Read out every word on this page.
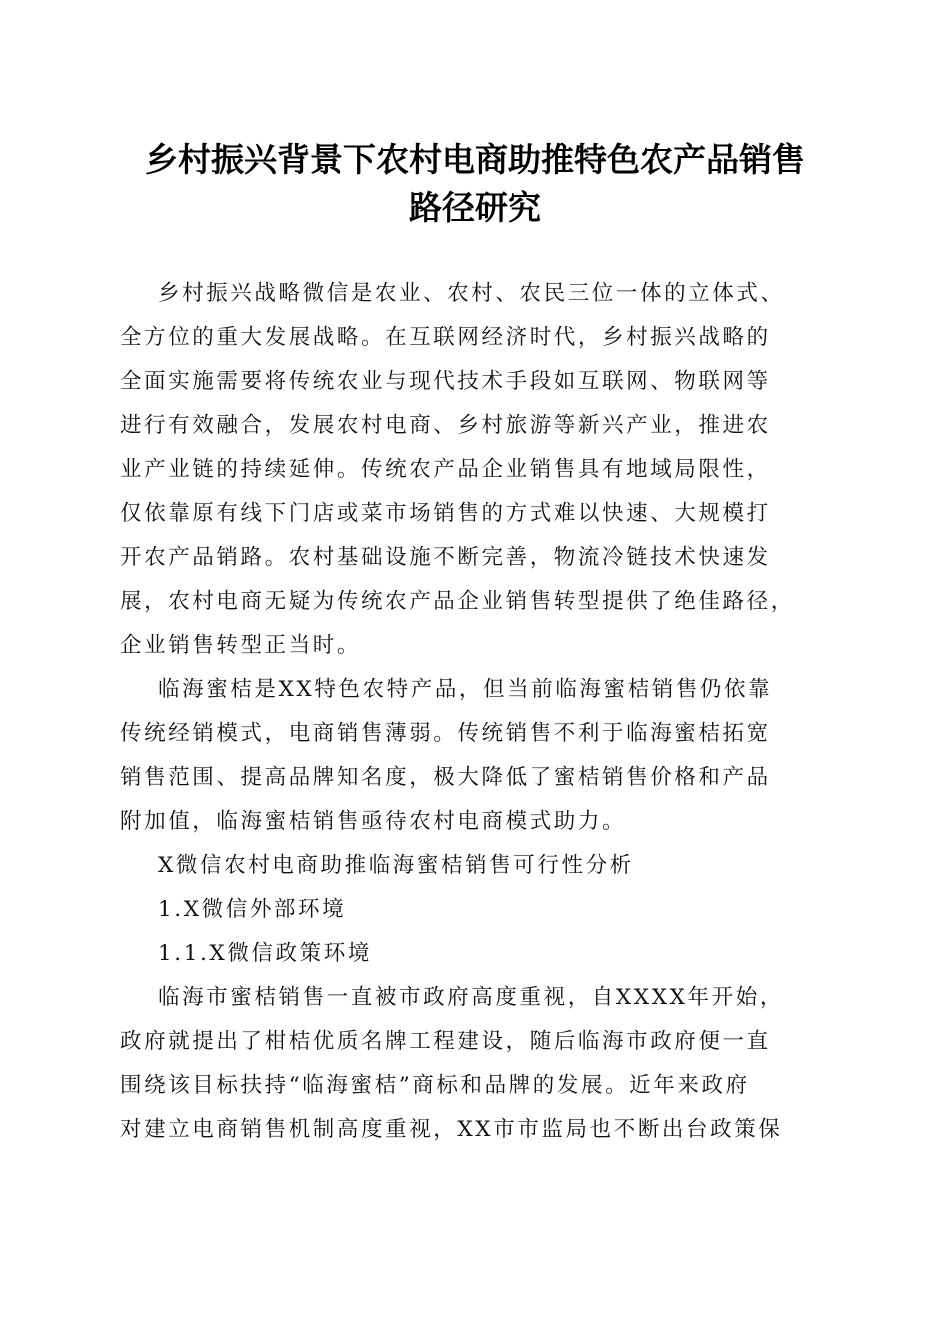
乡村振兴背景下农村电商助推特色农产品销售
路径研究
乡村振兴战略微信是农业、农村、农民三位一体的立体式、
全方位的重大发展战略。在互联网经济时代，乡村振兴战略的
全面实施需要将传统农业与现代技术手段如互联网、物联网等
进行有效融合，发展农村电商、乡村旅游等新兴产业，推进农
业产业链的持续延伸。传统农产品企业销售具有地域局限性，
仅依靠原有线下门店或菜市场销售的方式难以快速、大规模打
开农产品销路。农村基础设施不断完善，物流冷链技术快速发
展，农村电商无疑为传统农产品企业销售转型提供了绝佳路径，
企业销售转型正当时。
临海蜜桔是XX特色农特产品，但当前临海蜜桔销售仍依靠
传统经销模式，电商销售薄弱。传统销售不利于临海蜜桔拓宽
销售范围、提高品牌知名度，极大降低了蜜桔销售价格和产品
附加值，临海蜜桔销售亟待农村电商模式助力。
X微信农村电商助推临海蜜桔销售可行性分析
1.X微信外部环境
1.1.X微信政策环境
临海市蜜桔销售一直被市政府高度重视，自XXXX年开始，
政府就提出了柑桔优质名牌工程建设，随后临海市政府便一直
围绕该目标扶持“临海蜜桔”商标和品牌的发展。近年来政府
对建立电商销售机制高度重视，XX市市监局也不断出台政策保
